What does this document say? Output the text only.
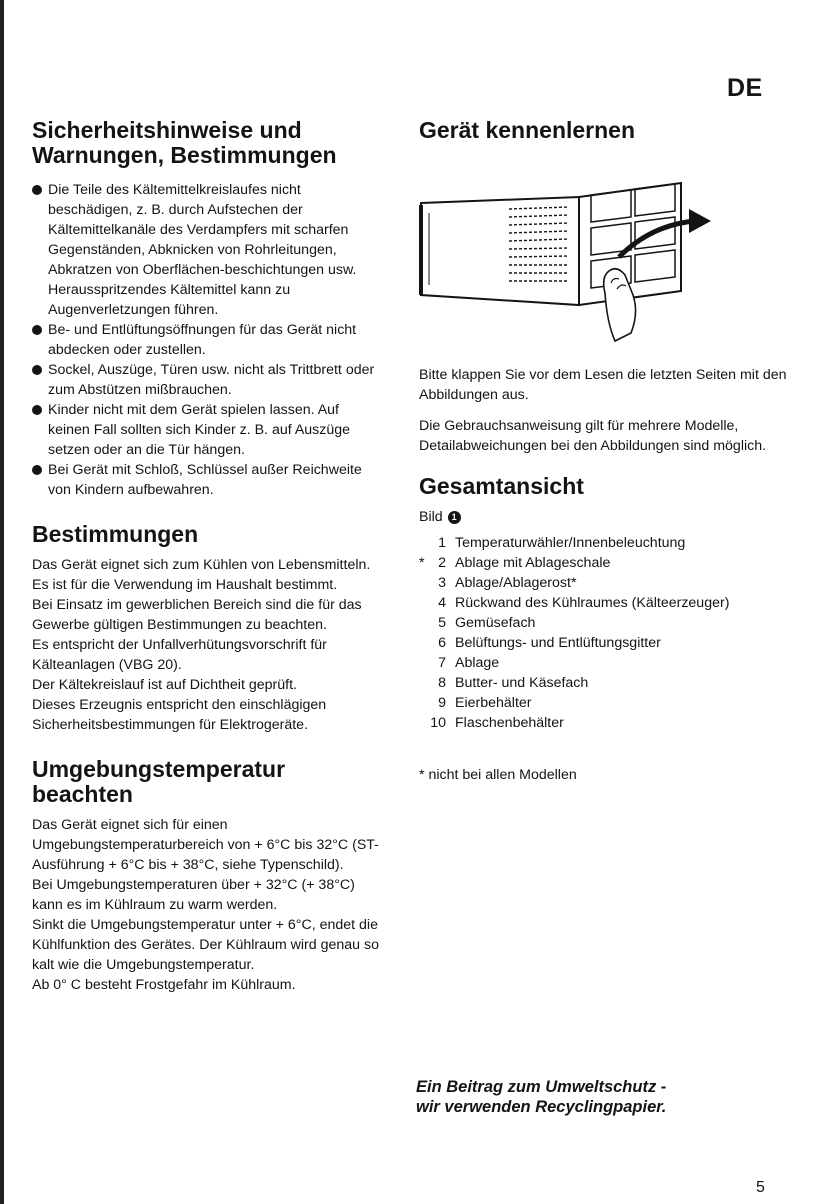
DE
Sicherheitshinweise und
Warnungen, Bestimmungen
Die Teile des Kältemittelkreislaufes nicht beschädigen, z. B. durch Aufstechen der Kältemittelkanäle des Verdampfers mit scharfen Gegenständen, Abknicken von Rohrleitungen, Abkratzen von Oberflächen-beschichtungen usw. Herausspritzendes Kältemittel kann zu Augenverletzungen führen.
Be- und Entlüftungsöffnungen für das Gerät nicht abdecken oder zustellen.
Sockel, Auszüge, Türen usw. nicht als Trittbrett oder zum Abstützen mißbrauchen.
Kinder nicht mit dem Gerät spielen lassen. Auf keinen Fall sollten sich Kinder z. B. auf Auszüge setzen oder an die Tür hängen.
Bei Gerät mit Schloß, Schlüssel außer Reichweite von Kindern aufbewahren.
Bestimmungen

Das Gerät eignet sich zum Kühlen von Lebensmitteln.

Es ist für die Verwendung im Haushalt bestimmt.

Bei Einsatz im gewerblichen Bereich sind die für das Gewerbe gültigen Bestimmungen zu beachten.

Es entspricht der Unfallverhütungsvorschrift für Kälteanlagen (VBG 20).

Der Kältekreislauf ist auf Dichtheit geprüft.

Dieses Erzeugnis entspricht den einschlägigen Sicherheitsbestimmungen für Elektrogeräte.

Umgebungstemperatur
beachten

Das Gerät eignet sich für einen Umgebungstemperaturbereich von + 6°C bis 32°C (ST-Ausführung + 6°C bis + 38°C, siehe Typenschild).

Bei Umgebungstemperaturen über + 32°C (+ 38°C) kann es im Kühlraum zu warm werden.

Sinkt die Umgebungstemperatur unter + 6°C, endet die Kühlfunktion des Gerätes. Der Kühlraum wird genau so kalt wie die Umgebungstemperatur.

Ab 0° C besteht Frostgefahr im Kühlraum.

Gerät kennenlernen

Bitte klappen Sie vor dem Lesen die letzten Seiten mit den Abbildungen aus.

Die Gebrauchsanweisung gilt für mehrere Modelle, Detailabweichungen bei den Abbildungen sind möglich.

Gesamtansicht
Bild 1
1 Temperaturwähler/Innenbeleuchtung
* 2 Ablage mit Ablageschale
3 Ablage/Ablagerost*
4 Rückwand des Kühlraumes (Kälteerzeuger)
5 Gemüsefach
6 Belüftungs- und Entlüftungsgitter
7 Ablage
8 Butter- und Käsefach
9 Eierbehälter
10 Flaschenbehälter

* nicht bei allen Modellen

Ein Beitrag zum Umweltschutz -
wir verwenden Recyclingpapier.
5
